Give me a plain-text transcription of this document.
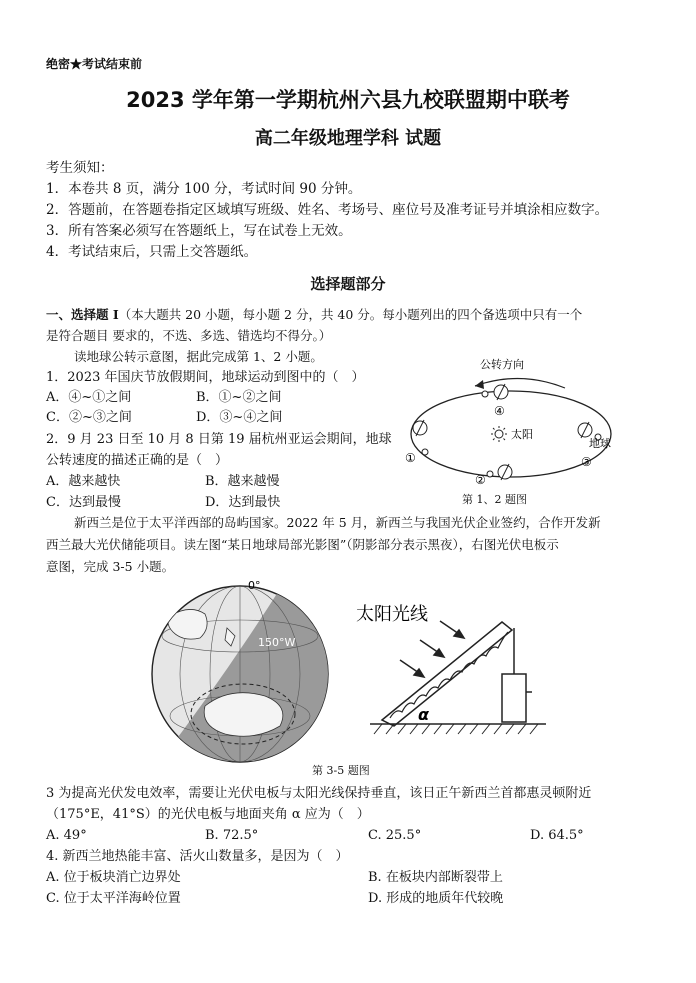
绝密★考试结束前
2023 学年第一学期杭州六县九校联盟期中联考
高二年级地理学科 试题
考生须知：
1．本卷共 8 页，满分 100 分，考试时间 90 分钟。
2．答题前，在答题卷指定区域填写班级、姓名、考场号、座位号及准考证号并填涂相应数字。
3．所有答案必须写在答题纸上，写在试卷上无效。
4．考试结束后，只需上交答题纸。
选择题部分
一、选择题 Ⅰ（本大题共 20 小题，每小题 2 分，共 40 分。每小题列出的四个备选项中只有一个
是符合题目 要求的，不选、多选、错选均不得分。）
读地球公转示意图，据此完成第 1、2 小题。
1．2023 年国庆节放假期间，地球运动到图中的（　）
A．④~①之间	B．①~②之间
C．②~③之间	D．③~④之间
2．9 月 23 日至 10 月 8 日第 19 届杭州亚运会期间，地球
公转速度的描述正确的是（　）
A．越来越快	B．越来越慢
C．达到最慢	D．达到最快
公转方向
太阳
④
①
②
地球
③
第 1、2 题图
新西兰是位于太平洋西部的岛屿国家。2022 年 5 月，新西兰与我国光伏企业签约，合作开发新
西兰最大光伏储能项目。读左图“某日地球局部光影图”（阴影部分表示黑夜），右图光伏电板示
意图，完成 3-5 小题。
0°
150°W
太阳光线
α
第 3-5 题图
3 为提高光伏发电效率，需要让光伏电板与太阳光线保持垂直，该日正午新西兰首都惠灵顿附近
（175°E，41°S）的光伏电板与地面夹角 α 应为（　）
A. 49°	B. 72.5°	C. 25.5°	D. 64.5°
4. 新西兰地热能丰富、活火山数量多，是因为（　）
A. 位于板块消亡边界处	B. 在板块内部断裂带上
C. 位于太平洋海岭位置	D. 形成的地质年代较晚
